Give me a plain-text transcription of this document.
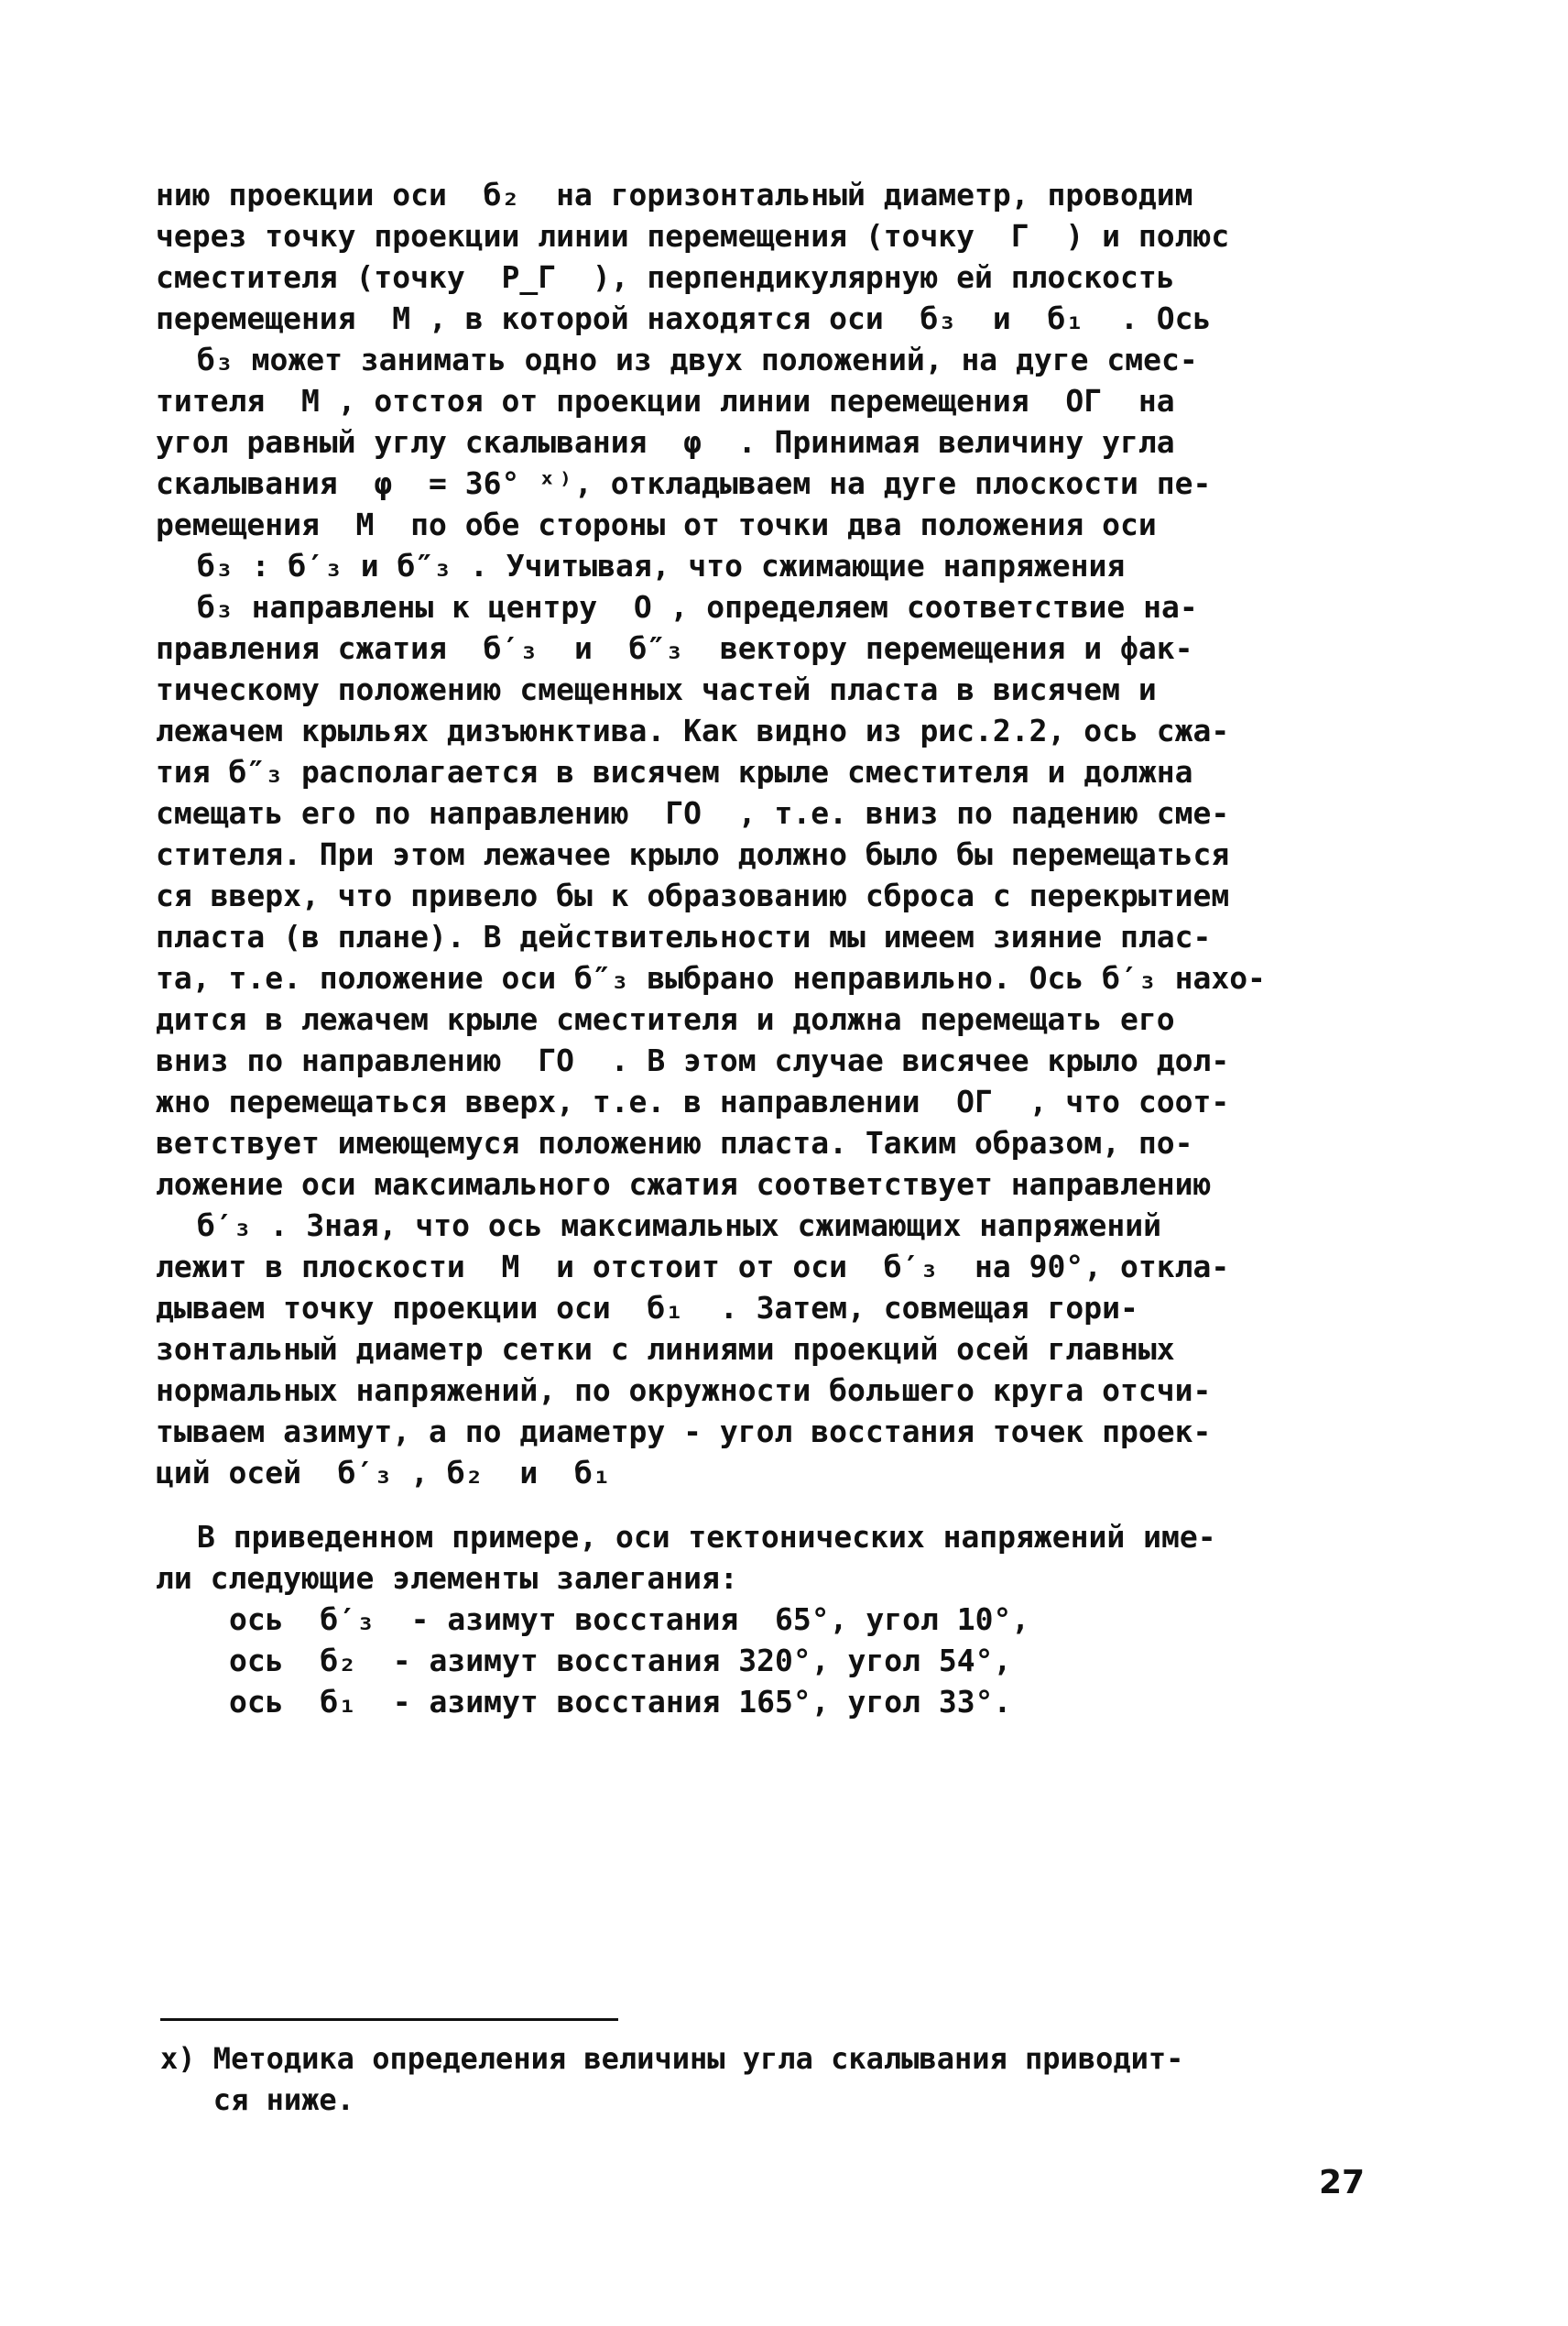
нию проекции оси  б₂  на горизонтальный диаметр, проводим
через точку проекции линии перемещения (точку  Г  ) и полюс
сместителя (точку  P_Г  ), перпендикулярную ей плоскость
перемещения  М , в которой находятся оси  б₃  и  б₁  . Ось
б₃ может занимать одно из двух положений, на дуге смес-
тителя  М , отстоя от проекции линии перемещения  ОГ  на
угол равный углу скалывания  φ  . Принимая величину угла
скалывания  φ  = 36° ˣ⁾, откладываем на дуге плоскости пе-
ремещения  М  по обе стороны от точки два положения оси
б₃ : б′₃ и б″₃ . Учитывая, что сжимающие напряжения
б₃ направлены к центру  О , определяем соответствие на-
правления сжатия  б′₃  и  б″₃  вектору перемещения и фак-
тическому положению смещенных частей пласта в висячем и
лежачем крыльях дизъюнктива. Как видно из рис.2.2, ось сжа-
тия б″₃ располагается в висячем крыле сместителя и должна
смещать его по направлению  ГО  , т.е. вниз по падению сме-
стителя. При этом лежачее крыло должно было бы перемещаться
ся вверх, что привело бы к образованию сброса с перекрытием
пласта (в плане). В действительности мы имеем зияние плас-
та, т.е. положение оси б″₃ выбрано неправильно. Ось б′₃ нахо-
дится в лежачем крыле сместителя и должна перемещать его
вниз по направлению  ГО  . В этом случае висячее крыло дол-
жно перемещаться вверх, т.е. в направлении  ОГ  , что соот-
ветствует имеющемуся положению пласта. Таким образом, по-
ложение оси максимального сжатия соответствует направлению
б′₃ . Зная, что ось максимальных сжимающих напряжений
лежит в плоскости  М  и отстоит от оси  б′₃  на 90°, откла-
дываем точку проекции оси  б₁  . Затем, совмещая гори-
зонтальный диаметр сетки с линиями проекций осей главных
нормальных напряжений, по окружности большего круга отсчи-
тываем азимут, а по диаметру - угол восстания точек проек-
ций осей  б′₃ , б₂  и  б₁
В приведенном примере, оси тектонических напряжений име-
ли следующие элементы залегания:
ось  б′₃  - азимут восстания  65°, угол 10°,
ось  б₂  - азимут восстания 320°, угол 54°,
ось  б₁  - азимут восстания 165°, угол 33°.
x) Методика определения величины угла скалывания приводит-
ся ниже.
27
